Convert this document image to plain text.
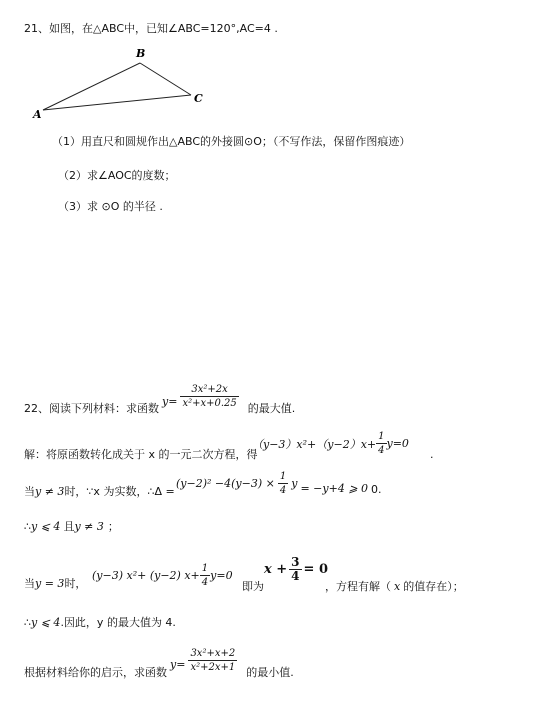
21、如图，在△ABC中，已知∠ABC=120°,AC=4 .
A
B
C
（1）用直尺和圆规作出△ABC的外接圆⊙O；（不写作法，保留作图痕迹）
（2）求∠AOC的度数；
（3）求 ⊙O 的半径 .
22、阅读下列材料：求函数
$y= \frac{\text{3x²+2x}}{\text{x²+x+0.25}}$ 的最大值.
解：将原函数转化成关于 x 的一元二次方程，得
$(y-3)x^2+(y-2)x+ \frac{1}{4} y=0$
.
当 y ≠ 3 时，∵x 为实数，∴Δ =
$(y-2)^2 -4(y-3) \times \frac{1}{4}$ y = −y+4 ⩾ 0 0.
∴ y ⩽ 4 且 y ≠ 3 ；
当 y = 3 时，
(y−3) x²+ (y−2) $x+ \frac{1}{4} y=0$
即为
$x + \frac{3}{4} = 0$
，方程有解（ x 的值存在）；
∴ y ⩽ 4 .因此，y 的最大值为 4.
根据材料给你的启示，求函数
$y= \frac{\text{3x²+x+2}}{\text{x²+2x+1}}$ 的最小值.
